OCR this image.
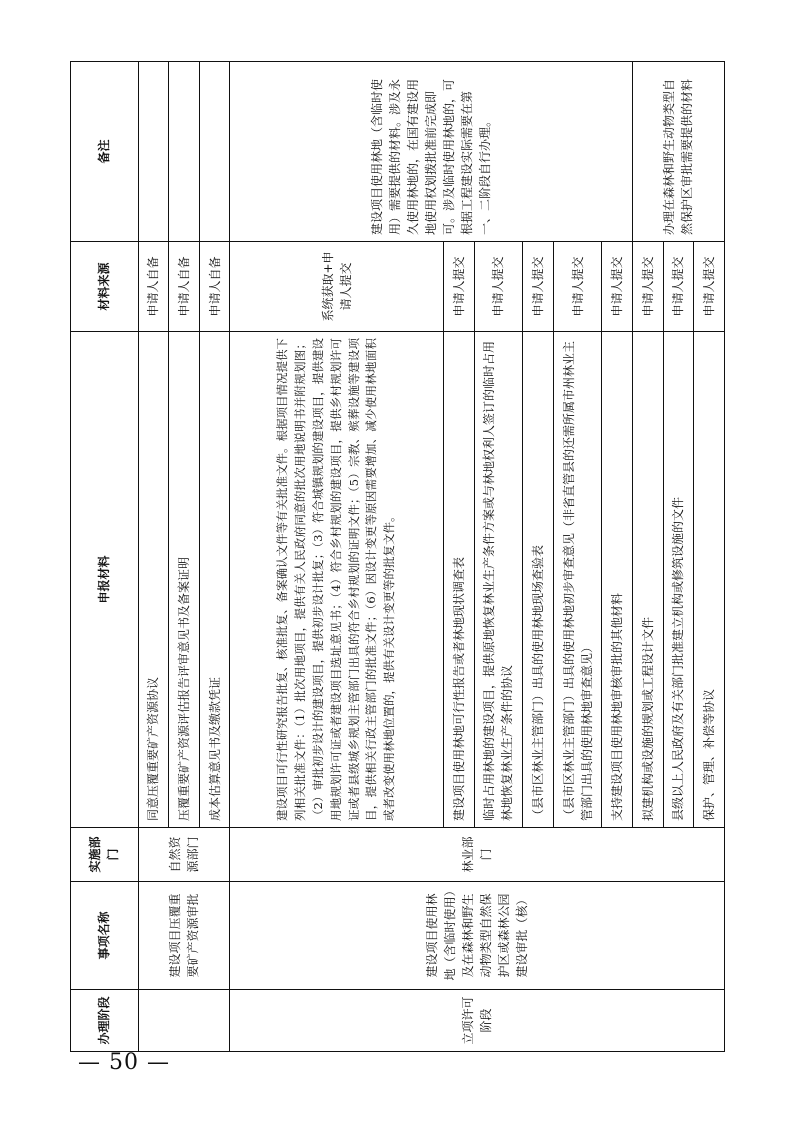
办理阶段	事项名称	实施部门	申报材料	材料来源	备注
	建设项目压覆重要矿产资源审批	自然资源部门	同意压覆重要矿产资源协议	申请人自备	
			压覆重要矿产资源评估报告评审意见书及备案证明	申请人自备	
			成本估算意见书及缴款凭证	申请人自备	
立项许可阶段	建设项目使用林地（含临时使用）及在森林和野生动物类型自然保护区或森林公园建设审批（核）	林业部门	建设项目可行性研究报告批复、核准批复、备案确认文件等有关批准文件。根据项目情况提供下列相关批准文件：（1）批次用地项目，提供有关人民政府同意的批次用地说明书并附规划图；（2）审批初步设计的建设项目，提供初步设计批复；（3）符合城镇规划的建设项目，提供建设用地规划许可证或者建设项目选址意见书；（4）符合乡村规划的建设项目，提供乡村规划许可证或者县级城乡规划主管部门出具的符合乡村规划的证明文件；（5）宗教、殡葬设施等建设项目，提供相关行政主管部门的批准文件；（6）因设计变更等原因需要增加、减少使用林地面积或者改变使用林地位置的，提供有关设计变更等的批复文件。	系统获取+申请人提交	建设项目使用林地（含临时使用）需要提供的材料。涉及永久使用林地的，在国有建设用地使用权划拨批准前完成即可。涉及临时使用林地的，可根据工程建设实际需要在第一、二阶段自行办理。
			建设项目使用林地可行性报告或者林地现状调查表	申请人提交	
			临时占用林地的建设项目，提供原地恢复林业生产条件方案或与林地权利人签订的临时占用林地恢复林业生产条件的协议	申请人提交	
			（县市区林业主管部门）出具的使用林地现场查验表	申请人提交	
			（县市区林业主管部门）出具的使用林地初步审查意见（非省直管县的还需所属市州林业主管部门出具的使用林地审查意见）	申请人提交	
			支持建设项目使用林地审核审批的其他材料	申请人提交	
			拟建机构或设施的规划或工程设计文件	申请人提交	办理在森林和野生动物类型自然保护区审批需要提供的材料
			县级以上人民政府及有关部门批准建立机构或修筑设施的文件	申请人提交	
			保护、管理、补偿等协议	申请人提交	
— 50 —
